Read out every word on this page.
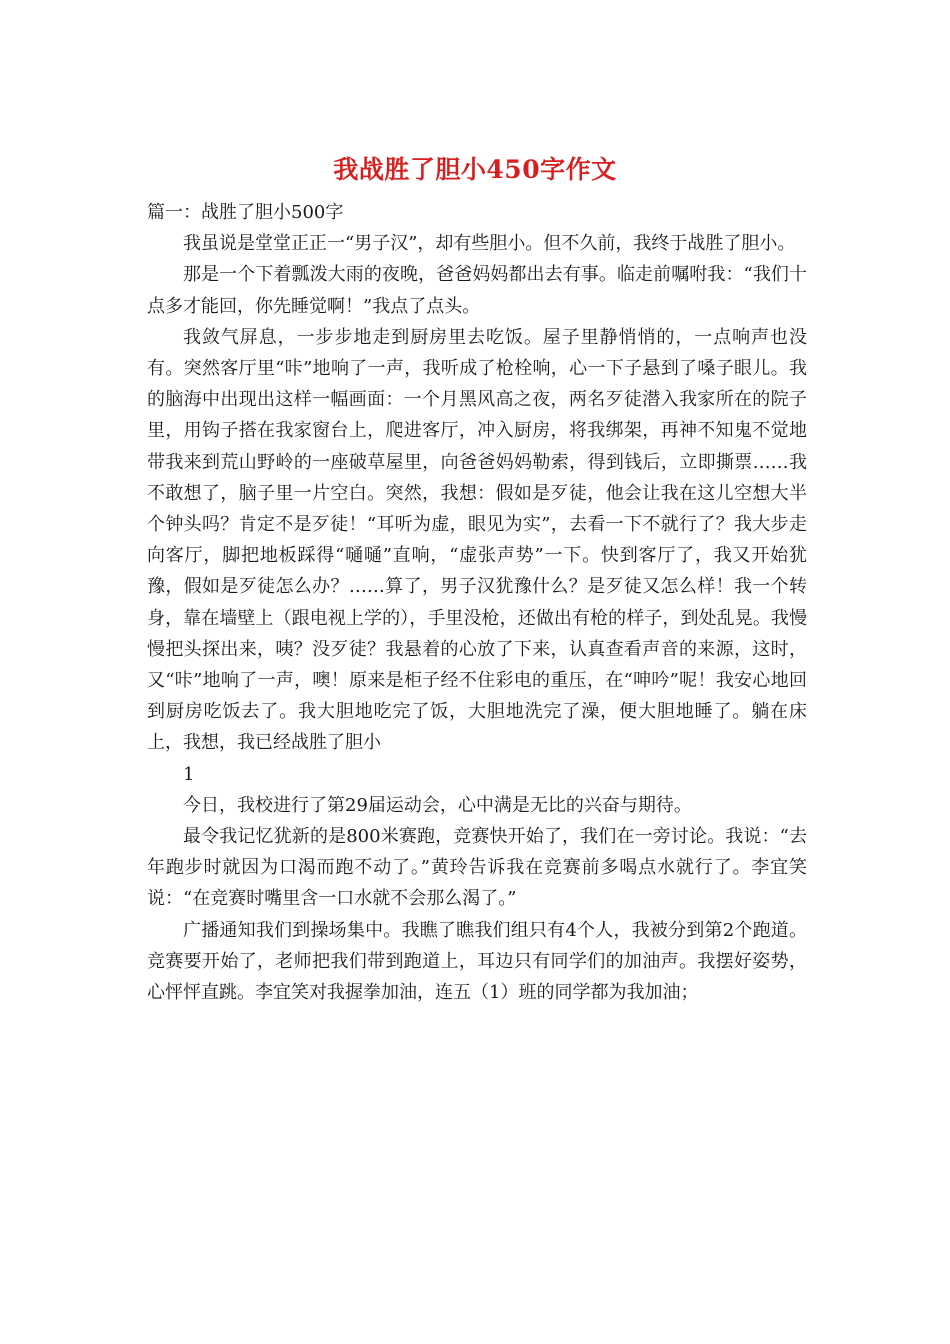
我战胜了胆小450字作文

篇一：战胜了胆小500字

我虽说是堂堂正正一“男子汉”，却有些胆小。但不久前，我终于战胜了胆小。

那是一个下着瓢泼大雨的夜晚，爸爸妈妈都出去有事。临走前嘱咐我：“我们十点多才能回，你先睡觉啊！”我点了点头。

我敛气屏息，一步步地走到厨房里去吃饭。屋子里静悄悄的，一点响声也没有。突然客厅里“咔”地响了一声，我听成了枪栓响，心一下子悬到了嗓子眼儿。我的脑海中出现出这样一幅画面：一个月黑风高之夜，两名歹徒潜入我家所在的院子里，用钩子搭在我家窗台上，爬进客厅，冲入厨房，将我绑架，再神不知鬼不觉地带我来到荒山野岭的一座破草屋里，向爸爸妈妈勒索，得到钱后，立即撕票……我不敢想了，脑子里一片空白。突然，我想：假如是歹徒，他会让我在这儿空想大半个钟头吗？肯定不是歹徒！“耳听为虚，眼见为实”，去看一下不就行了？我大步走向客厅，脚把地板踩得“嗵嗵”直响，“虚张声势”一下。快到客厅了，我又开始犹豫，假如是歹徒怎么办？……算了，男子汉犹豫什么？是歹徒又怎么样！我一个转身，靠在墙壁上（跟电视上学的），手里没枪，还做出有枪的样子，到处乱晃。我慢慢把头探出来，咦？没歹徒？我悬着的心放了下来，认真查看声音的来源，这时，又“咔”地响了一声，噢！原来是柜子经不住彩电的重压，在“呻吟”呢！我安心地回到厨房吃饭去了。我大胆地吃完了饭，大胆地洗完了澡，便大胆地睡了。躺在床上，我想，我已经战胜了胆小

1

今日，我校进行了第29届运动会，心中满是无比的兴奋与期待。

最令我记忆犹新的是800米赛跑，竞赛快开始了，我们在一旁讨论。我说：“去年跑步时就因为口渴而跑不动了。”黄玲告诉我在竞赛前多喝点水就行了。李宜笑说：“在竞赛时嘴里含一口水就不会那么渴了。”

广播通知我们到操场集中。我瞧了瞧我们组只有4个人，我被分到第2个跑道。竞赛要开始了，老师把我们带到跑道上，耳边只有同学们的加油声。我摆好姿势，心怦怦直跳。李宜笑对我握拳加油，连五（1）班的同学都为我加油；
